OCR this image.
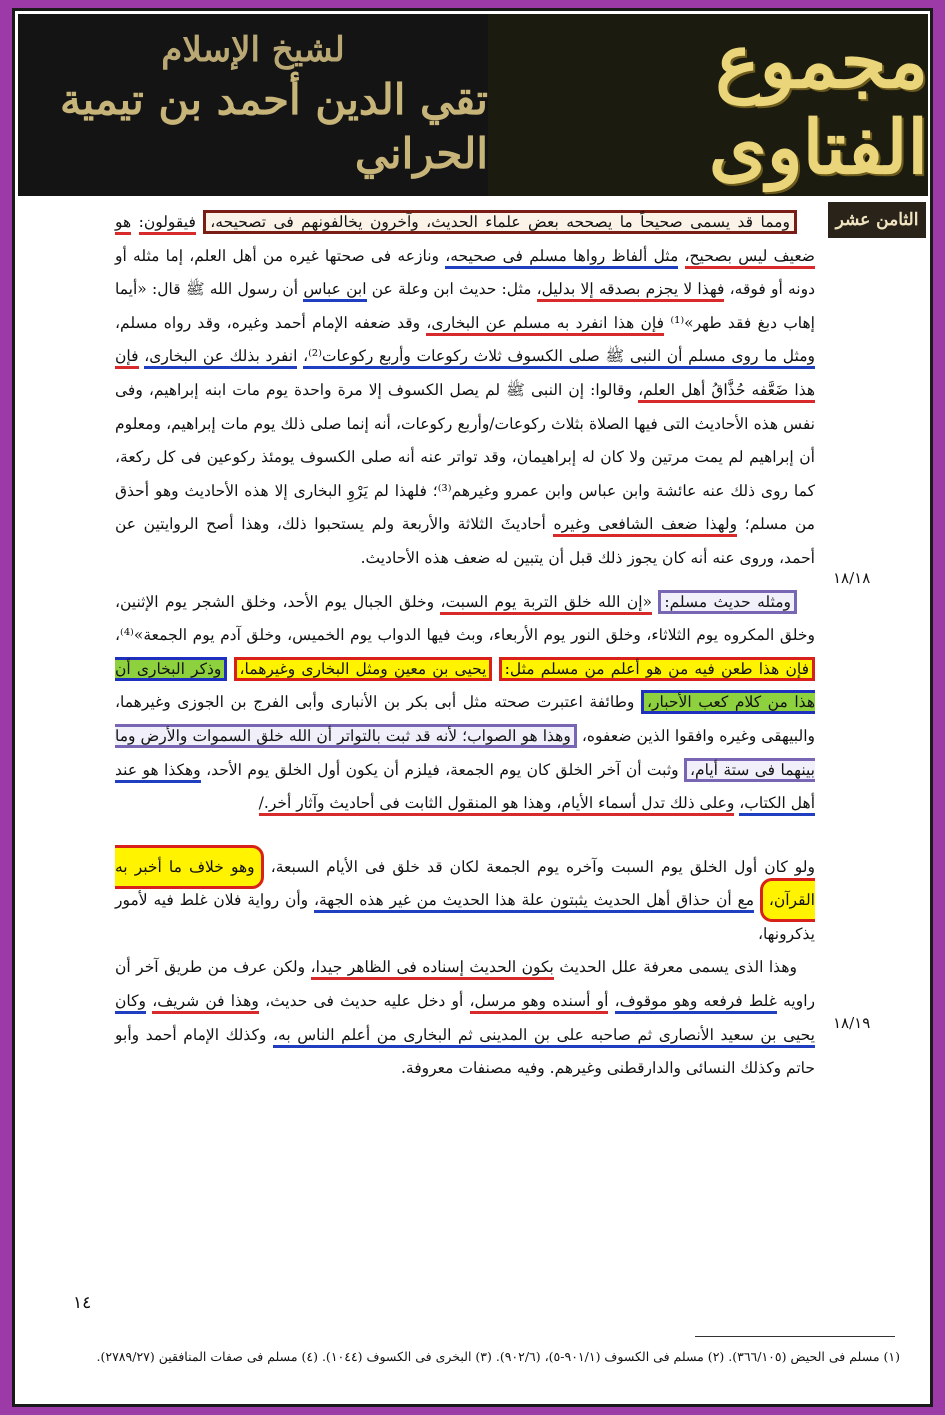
لشيخ الإسلام
تقي الدين أحمد بن تيمية الحراني
مجموع الفتاوى
الثامن عشر

ومما قد يسمى صحيحاً ما يصححه بعض علماء الحديث، وآخرون يخالفونهم فى تصحيحه، فيقولون: هو ضعيف ليس بصحيح، مثل ألفاظ رواها مسلم فى صحيحه، ونازعه فى صحتها غيره من أهل العلم، إما مثله أو دونه أو فوقه، فهذا لا يجزم بصدقه إلا بدليل، مثل: حديث ابن وعلة عن ابن عباس أن رسول الله ﷺ قال: «أيما إهاب دبغ فقد طهر»⁽¹⁾ فإن هذا انفرد به مسلم عن البخارى، وقد ضعفه الإمام أحمد وغيره، وقد رواه مسلم، ومثل ما روى مسلم أن النبى ﷺ صلى الكسوف ثلاث ركوعات وأربع ركوعات⁽²⁾، انفرد بذلك عن البخارى، فإن هذا ضَعَّفه حُذَّاقُ أهل العلم، وقالوا: إن النبى ﷺ لم يصل الكسوف إلا مرة واحدة يوم مات ابنه إبراهيم، وفى نفس هذه الأحاديث التى فيها الصلاة بثلاث ركوعات/وأربع ركوعات، أنه إنما صلى ذلك يوم مات إبراهيم، ومعلوم أن إبراهيم لم يمت مرتين ولا كان له إبراهيمان، وقد تواتر عنه أنه صلى الكسوف يومئذ ركوعين فى كل ركعة، كما روى ذلك عنه عائشة وابن عباس وابن عمرو وغيرهم⁽³⁾؛ فلهذا لم يَرْوِ البخارى إلا هذه الأحاديث وهو أحذق من مسلم؛ ولهذا ضعف الشافعى وغيره أحاديثَ الثلاثة والأربعة ولم يستحبوا ذلك، وهذا أصح الروايتين عن أحمد، وروى عنه أنه كان يجوز ذلك قبل أن يتبين له ضعف هذه الأحاديث.

ومثله حديث مسلم: «إن الله خلق التربة يوم السبت، وخلق الجبال يوم الأحد، وخلق الشجر يوم الإثنين، وخلق المكروه يوم الثلاثاء، وخلق النور يوم الأربعاء، وبث فيها الدواب يوم الخميس، وخلق آدم يوم الجمعة»⁽⁴⁾، فإن هذا طعن فيه من هو أعلم من مسلم مثل: يحيى بن معين ومثل البخارى وغيرهما، وذكر البخارى أن هذا من كلام كعب الأحبار، وطائفة اعتبرت صحته مثل أبى بكر بن الأنبارى وأبى الفرج بن الجوزى وغيرهما، والبيهقى وغيره وافقوا الذين ضعفوه، وهذا هو الصواب؛ لأنه قد ثبت بالتواتر أن الله خلق السموات والأرض وما بينهما فى ستة أيام، وثبت أن آخر الخلق كان يوم الجمعة، فيلزم أن يكون أول الخلق يوم الأحد، وهكذا هو عند أهل الكتاب، وعلى ذلك تدل أسماء الأيام، وهذا هو المنقول الثابت فى أحاديث وآثار أخر./

ولو كان أول الخلق يوم السبت وآخره يوم الجمعة لكان قد خلق فى الأيام السبعة، وهو خلاف ما أخبر به القرآن، مع أن حذاق أهل الحديث يثبتون علة هذا الحديث من غير هذه الجهة، وأن رواية فلان غلط فيه لأمور يذكرونها،

وهذا الذى يسمى معرفة علل الحديث بكون الحديث إسناده فى الظاهر جيدا، ولكن عرف من طريق آخر أن راويه غلط فرفعه وهو موقوف، أو أسنده وهو مرسل، أو دخل عليه حديث فى حديث، وهذا فن شريف، وكان يحيى بن سعيد الأنصارى ثم صاحبه على بن المدينى ثم البخارى من أعلم الناس به، وكذلك الإمام أحمد وأبو حاتم وكذلك النسائى والدارقطنى وغيرهم. وفيه مصنفات معروفة.

١٨/١٨
١٨/١٩
١٤
(١) مسلم فى الحيض (٣٦٦/١٠٥). (٢) مسلم فى الكسوف (٩٠١/١-٥)، (٩٠٢/٦). (٣) البخرى فى الكسوف (١٠٤٤). (٤) مسلم فى صفات المنافقين (٢٧٨٩/٢٧).
